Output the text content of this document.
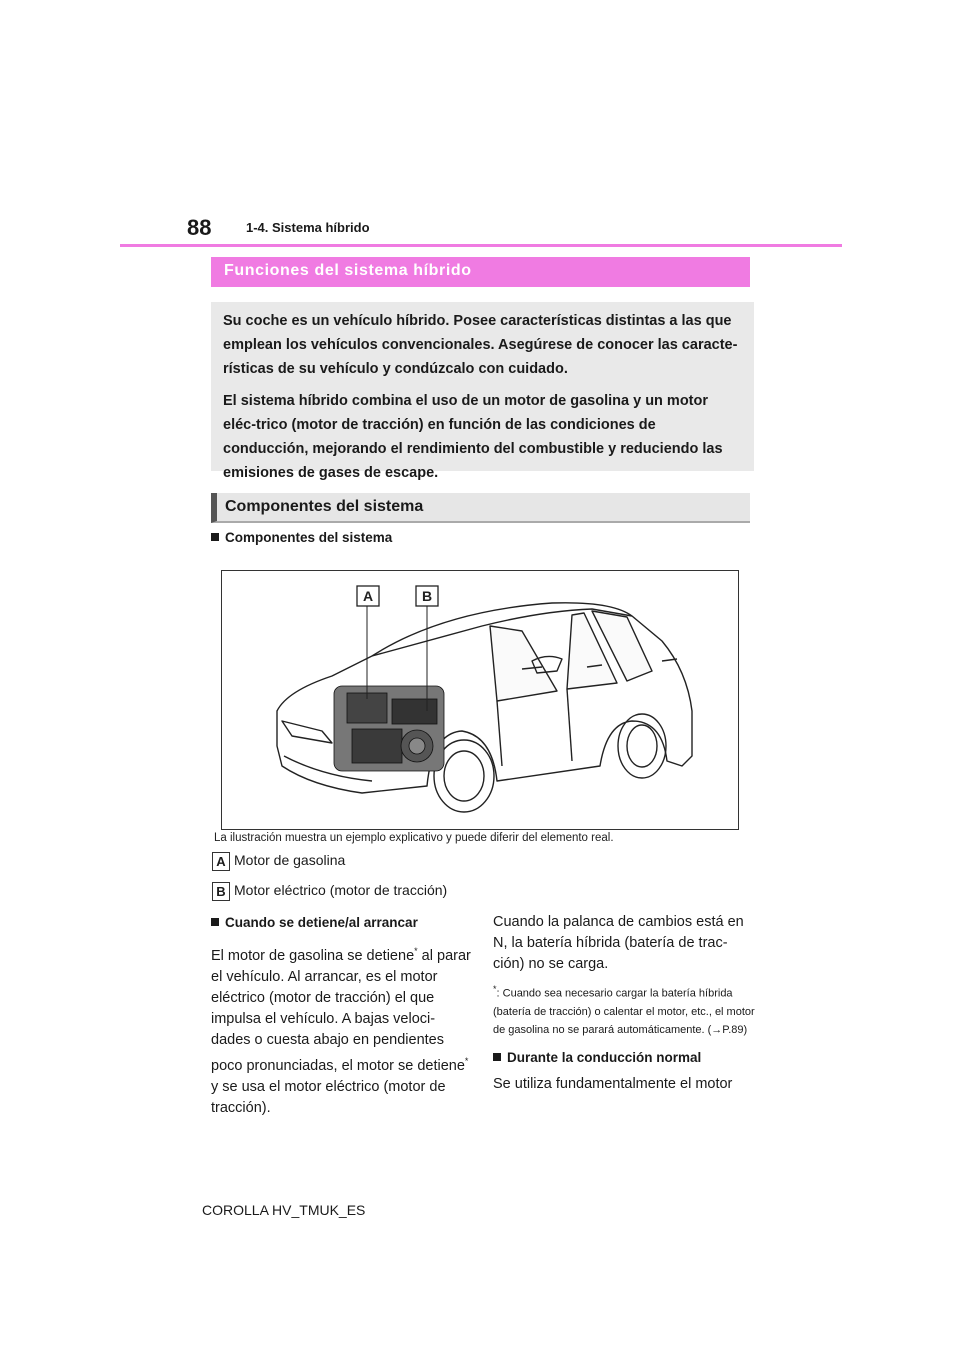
88	1-4. Sistema híbrido
Funciones del sistema híbrido

Su coche es un vehículo híbrido. Posee características distintas a las que emplean los vehículos convencionales. Asegúrese de conocer las caracte-rísticas de su vehículo y condúzcalo con cuidado.

El sistema híbrido combina el uso de un motor de gasolina y un motor eléc-trico (motor de tracción) en función de las condiciones de conducción, mejorando el rendimiento del combustible y reduciendo las emisiones de gases de escape.

Componentes del sistema
Componentes del sistema
A	B
La ilustración muestra un ejemplo explicativo y puede diferir del elemento real.
A Motor de gasolina
B Motor eléctrico (motor de tracción)
Cuando se detiene/al arrancar

El motor de gasolina se detiene* al parar el vehículo. Al arrancar, es el motor eléctrico (motor de tracción) el que impulsa el vehículo. A bajas veloci-dades o cuesta abajo en pendientes poco pronunciadas, el motor se detiene* y se usa el motor eléctrico (motor de tracción).

Cuando la palanca de cambios está en N, la batería híbrida (batería de trac-ción) no se carga.

*: Cuando sea necesario cargar la batería híbrida (batería de tracción) o calentar el motor, etc., el motor de gasolina no se parará automáticamente. (→P.89)

Durante la conducción normal

Se utiliza fundamentalmente el motor

COROLLA HV_TMUK_ES
